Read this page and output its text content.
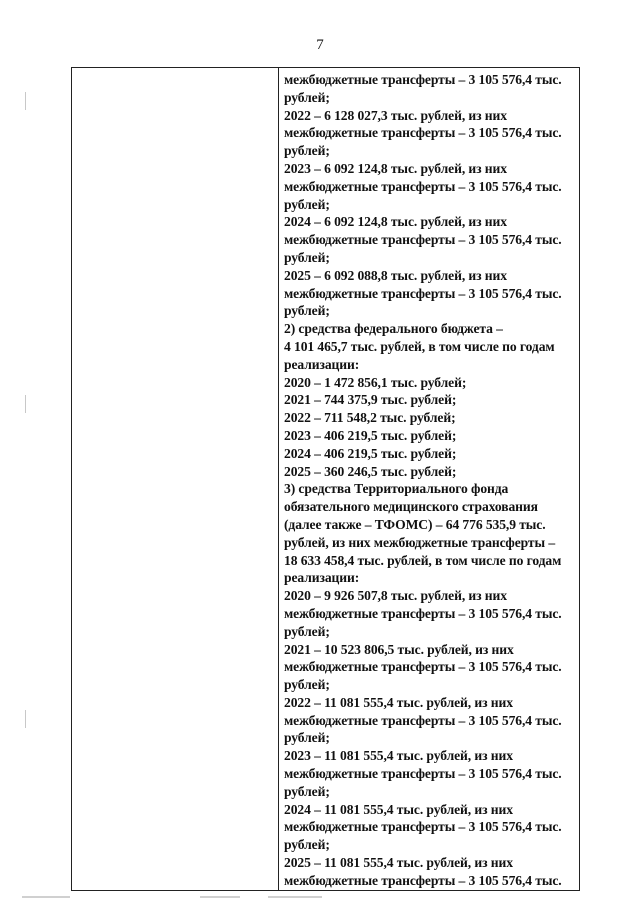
7

межбюджетные трансферты – 3 105 576,4 тыс.
рублей;
2022 – 6 128 027,3 тыс. рублей, из них
межбюджетные трансферты – 3 105 576,4 тыс.
рублей;
2023 – 6 092 124,8 тыс. рублей, из них
межбюджетные трансферты – 3 105 576,4 тыс.
рублей;
2024 – 6 092 124,8 тыс. рублей, из них
межбюджетные трансферты – 3 105 576,4 тыс.
рублей;
2025 – 6 092 088,8 тыс. рублей, из них
межбюджетные трансферты – 3 105 576,4 тыс.
рублей;
2) средства федерального бюджета –
4 101 465,7 тыс. рублей, в том числе по годам
реализации:
2020 – 1 472 856,1 тыс. рублей;
2021 – 744 375,9 тыс. рублей;
2022 – 711 548,2 тыс. рублей;
2023 – 406 219,5 тыс. рублей;
2024 – 406 219,5 тыс. рублей;
2025 – 360 246,5 тыс. рублей;
3) средства Территориального фонда
обязательного медицинского страхования
(далее также – ТФОМС) – 64 776 535,9 тыс.
рублей, из них межбюджетные трансферты –
18 633 458,4 тыс. рублей, в том числе по годам
реализации:
2020 – 9 926 507,8 тыс. рублей, из них
межбюджетные трансферты – 3 105 576,4 тыс.
рублей;
2021 – 10 523 806,5 тыс. рублей, из них
межбюджетные трансферты – 3 105 576,4 тыс.
рублей;
2022 – 11 081 555,4 тыс. рублей, из них
межбюджетные трансферты – 3 105 576,4 тыс.
рублей;
2023 – 11 081 555,4 тыс. рублей, из них
межбюджетные трансферты – 3 105 576,4 тыс.
рублей;
2024 – 11 081 555,4 тыс. рублей, из них
межбюджетные трансферты – 3 105 576,4 тыс.
рублей;
2025 – 11 081 555,4 тыс. рублей, из них
межбюджетные трансферты – 3 105 576,4 тыс.
